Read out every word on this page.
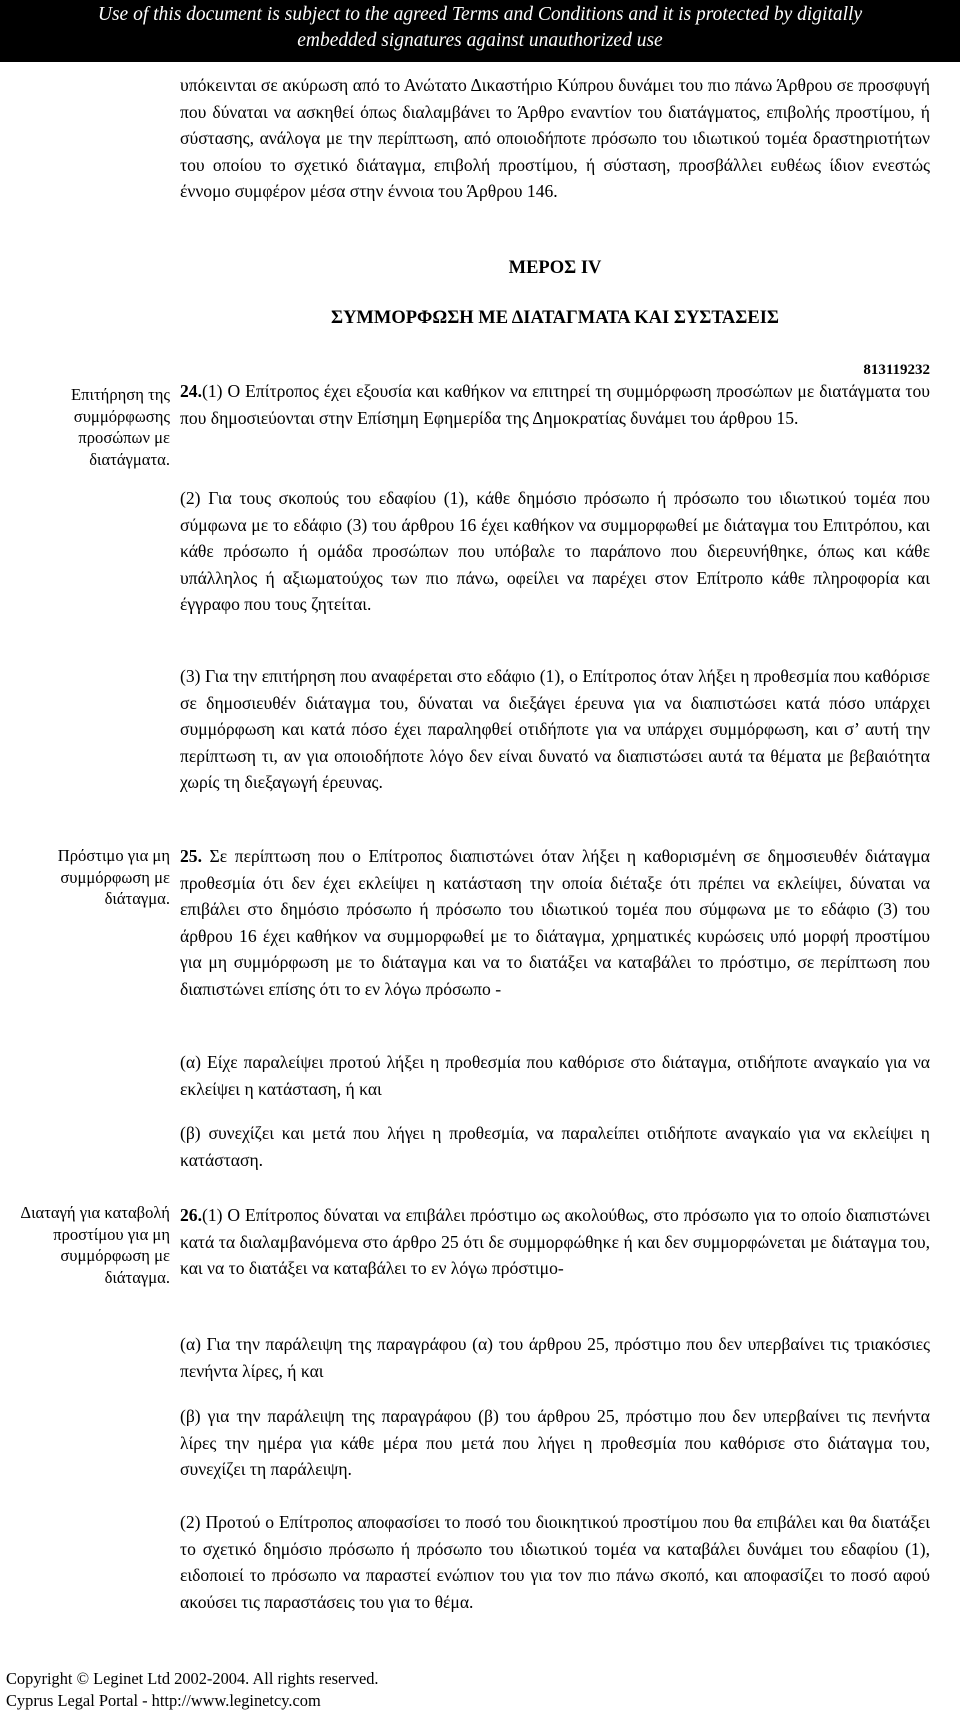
Use of this document is subject to the agreed Terms and Conditions and it is protected by digitally
embedded signatures against unauthorized use

υπόκεινται σε ακύρωση από το Ανώτατο Δικαστήριο Κύπρου δυνάμει του πιο πάνω Άρθρου σε προσφυγή που δύναται να ασκηθεί όπως διαλαμβάνει το Άρθρο εναντίον του διατάγματος, επιβολής προστίμου, ή σύστασης, ανάλογα με την περίπτωση, από οποιοδήποτε πρόσωπο του ιδιωτικού τομέα δραστηριοτήτων του οποίου το σχετικό διάταγμα, επιβολή προστίμου, ή σύσταση, προσβάλλει ευθέως ίδιον ενεστώς έννομο συμφέρον μέσα στην έννοια του Άρθρου 146.

ΜΕΡΟΣ IV
ΣΥΜΜΟΡΦΩΣΗ ΜΕ ΔΙΑΤΑΓΜΑΤΑ ΚΑΙ ΣΥΣΤΑΣΕΙΣ
813119232
Επιτήρηση της συμμόρφωσης προσώπων με διατάγματα.

24.(1) Ο Επίτροπος έχει εξουσία και καθήκον να επιτηρεί τη συμμόρφωση προσώπων με διατάγματα του που δημοσιεύονται στην Επίσημη Εφημερίδα της Δημοκρατίας δυνάμει του άρθρου 15.

(2) Για τους σκοπούς του εδαφίου (1), κάθε δημόσιο πρόσωπο ή πρόσωπο του ιδιωτικού τομέα που σύμφωνα με το εδάφιο (3) του άρθρου 16 έχει καθήκον να συμμορφωθεί με διάταγμα του Επιτρόπου, και κάθε πρόσωπο ή ομάδα προσώπων που υπόβαλε το παράπονο που διερευνήθηκε, όπως και κάθε υπάλληλος ή αξιωματούχος των πιο πάνω, οφείλει να παρέχει στον Επίτροπο κάθε πληροφορία και έγγραφο που τους ζητείται.

(3) Για την επιτήρηση που αναφέρεται στο εδάφιο (1), ο Επίτροπος όταν λήξει η προθεσμία που καθόρισε σε δημοσιευθέν διάταγμα του, δύναται να διεξάγει έρευνα για να διαπιστώσει κατά πόσο υπάρχει συμμόρφωση και κατά πόσο έχει παραληφθεί οτιδήποτε για να υπάρχει συμμόρφωση, και σ’ αυτή την περίπτωση τι, αν για οποιοδήποτε λόγο δεν είναι δυνατό να διαπιστώσει αυτά τα θέματα με βεβαιότητα χωρίς τη διεξαγωγή έρευνας.

Πρόστιμο για μη συμμόρφωση με διάταγμα.

25. Σε περίπτωση που ο Επίτροπος διαπιστώνει όταν λήξει η καθορισμένη σε δημοσιευθέν διάταγμα προθεσμία ότι δεν έχει εκλείψει η κατάσταση την οποία διέταξε ότι πρέπει να εκλείψει, δύναται να επιβάλει στο δημόσιο πρόσωπο ή πρόσωπο του ιδιωτικού τομέα που σύμφωνα με το εδάφιο (3) του άρθρου 16 έχει καθήκον να συμμορφωθεί με το διάταγμα, χρηματικές κυρώσεις υπό μορφή προστίμου για μη συμμόρφωση με το διάταγμα και να το διατάξει να καταβάλει το πρόστιμο, σε περίπτωση που διαπιστώνει επίσης ότι το εν λόγω πρόσωπο -

(α) Είχε παραλείψει προτού λήξει η προθεσμία που καθόρισε στο διάταγμα, οτιδήποτε αναγκαίο για να εκλείψει η κατάσταση, ή και

(β) συνεχίζει και μετά που λήγει η προθεσμία, να παραλείπει οτιδήποτε αναγκαίο για να εκλείψει η κατάσταση.

Διαταγή για καταβολή προστίμου για μη συμμόρφωση με διάταγμα.

26.(1) Ο Επίτροπος δύναται να επιβάλει πρόστιμο ως ακολούθως, στο πρόσωπο για το οποίο διαπιστώνει κατά τα διαλαμβανόμενα στο άρθρο 25 ότι δε συμμορφώθηκε ή και δεν συμμορφώνεται με διάταγμα του, και να το διατάξει να καταβάλει το εν λόγω πρόστιμο-

(α) Για την παράλειψη της παραγράφου (α) του άρθρου 25, πρόστιμο που δεν υπερβαίνει τις τριακόσιες πενήντα λίρες, ή και

(β) για την παράλειψη της παραγράφου (β) του άρθρου 25, πρόστιμο που δεν υπερβαίνει τις πενήντα λίρες την ημέρα για κάθε μέρα που μετά που λήγει η προθεσμία που καθόρισε στο διάταγμα του, συνεχίζει τη παράλειψη.

(2) Προτού ο Επίτροπος αποφασίσει το ποσό του διοικητικού προστίμου που θα επιβάλει και θα διατάξει το σχετικό δημόσιο πρόσωπο ή πρόσωπο του ιδιωτικού τομέα να καταβάλει δυνάμει του εδαφίου (1), ειδοποιεί το πρόσωπο να παραστεί ενώπιον του για τον πιο πάνω σκοπό, και αποφασίζει το ποσό αφού ακούσει τις παραστάσεις του για το θέμα.

Copyright © Leginet Ltd 2002-2004. All rights reserved.
Cyprus Legal Portal - http://www.leginetcy.com
